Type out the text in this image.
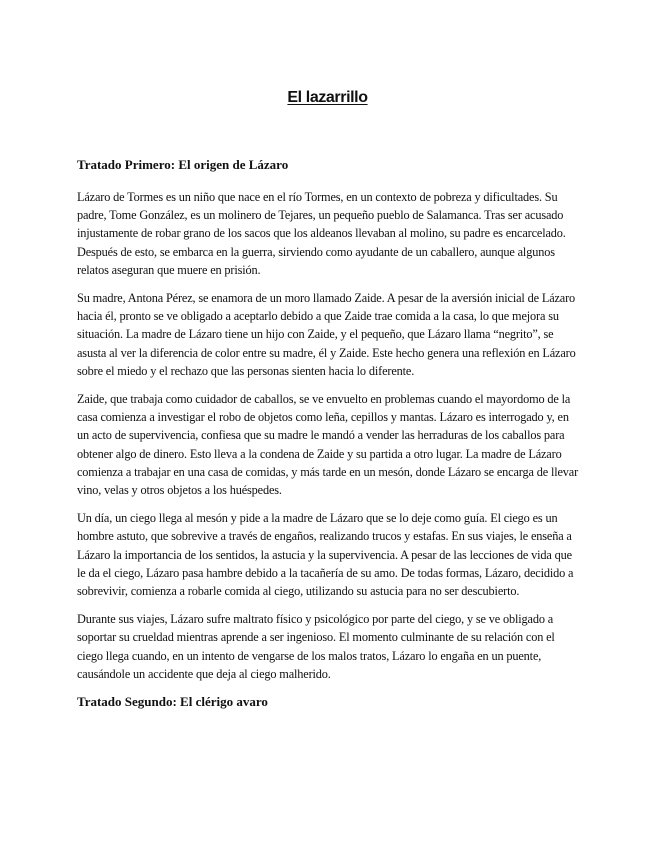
El lazarrillo
Tratado Primero: El origen de Lázaro

Lázaro de Tormes es un niño que nace en el río Tormes, en un contexto de pobreza y dificultades. Su padre, Tome González, es un molinero de Tejares, un pequeño pueblo de Salamanca. Tras ser acusado injustamente de robar grano de los sacos que los aldeanos llevaban al molino, su padre es encarcelado. Después de esto, se embarca en la guerra, sirviendo como ayudante de un caballero, aunque algunos relatos aseguran que muere en prisión.

Su madre, Antona Pérez, se enamora de un moro llamado Zaide. A pesar de la aversión inicial de Lázaro hacia él, pronto se ve obligado a aceptarlo debido a que Zaide trae comida a la casa, lo que mejora su situación. La madre de Lázaro tiene un hijo con Zaide, y el pequeño, que Lázaro llama “negrito”, se asusta al ver la diferencia de color entre su madre, él y Zaide. Este hecho genera una reflexión en Lázaro sobre el miedo y el rechazo que las personas sienten hacia lo diferente.

Zaide, que trabaja como cuidador de caballos, se ve envuelto en problemas cuando el mayordomo de la casa comienza a investigar el robo de objetos como leña, cepillos y mantas. Lázaro es interrogado y, en un acto de supervivencia, confiesa que su madre le mandó a vender las herraduras de los caballos para obtener algo de dinero. Esto lleva a la condena de Zaide y su partida a otro lugar. La madre de Lázaro comienza a trabajar en una casa de comidas, y más tarde en un mesón, donde Lázaro se encarga de llevar vino, velas y otros objetos a los huéspedes.

Un día, un ciego llega al mesón y pide a la madre de Lázaro que se lo deje como guía. El ciego es un hombre astuto, que sobrevive a través de engaños, realizando trucos y estafas. En sus viajes, le enseña a Lázaro la importancia de los sentidos, la astucia y la supervivencia. A pesar de las lecciones de vida que le da el ciego, Lázaro pasa hambre debido a la tacañería de su amo. De todas formas, Lázaro, decidido a sobrevivir, comienza a robarle comida al ciego, utilizando su astucia para no ser descubierto.

Durante sus viajes, Lázaro sufre maltrato físico y psicológico por parte del ciego, y se ve obligado a soportar su crueldad mientras aprende a ser ingenioso. El momento culminante de su relación con el ciego llega cuando, en un intento de vengarse de los malos tratos, Lázaro lo engaña en un puente, causándole un accidente que deja al ciego malherido.

Tratado Segundo: El clérigo avaro
